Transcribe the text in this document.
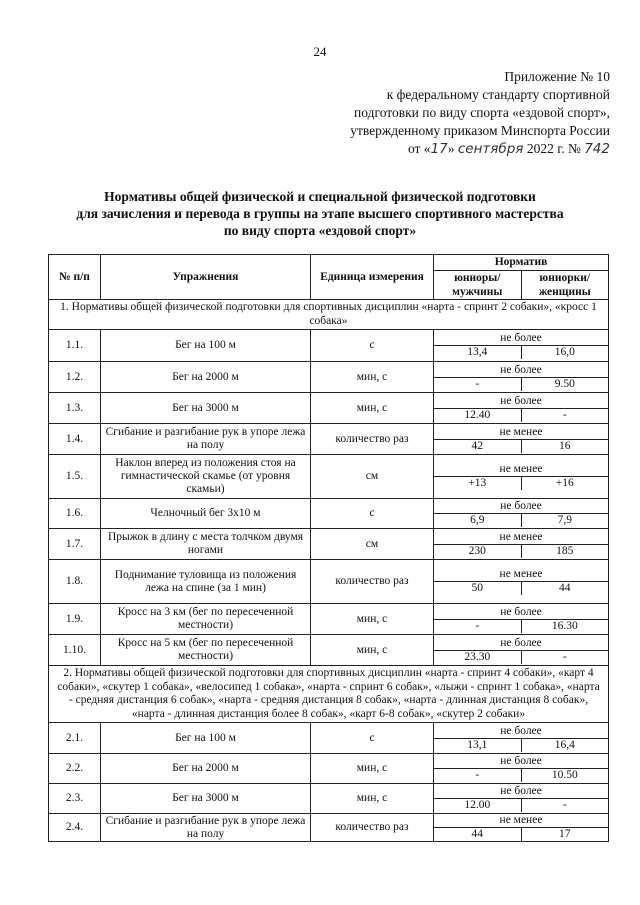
24
Приложение № 10
к федеральному стандарту спортивной
подготовки по виду спорта «ездовой спорт»,
утвержденному приказом Минспорта России
от «17» сентября 2022 г. № 742
Нормативы общей физической и специальной физической подготовки
для зачисления и перевода в группы на этапе высшего спортивного мастерства
по виду спорта «ездовой спорт»
№ п/п	Упражнения	Единица измерения	Норматив
юниоры/ мужчины
юниорки/ женщины

1. Нормативы общей физической подготовки для спортивных дисциплин «нарта - спринт 2 собаки», «кросс 1 собака»			
1.1.	Бег на 100 м	с	не более
13,4 16,0

1.2.	Бег на 2000 м	мин, с	не более
- 9.50

1.3.	Бег на 3000 м	мин, с	не более
12.40 -

1.4.	Сгибание и разгибание рук в упоре лежа на полу	количество раз	не менее
42 16

1.5.	Наклон вперед из положения стоя на гимнастической скамье (от уровня скамьи)	см	не менее
+13 +16

1.6.	Челночный бег 3х10 м	с	не более
6,9 7,9

1.7.	Прыжок в длину с места толчком двумя ногами	см	не менее
230 185

1.8.	Поднимание туловища из положения лежа на спине (за 1 мин)	количество раз	не менее
50 44

1.9.	Кросс на 3 км (бег по пересеченной местности)	мин, с	не более
- 16.30

1.10.	Кросс на 5 км (бег по пересеченной местности)	мин, с	не более
23.30 -

2. Нормативы общей физической подготовки для спортивных дисциплин «нарта - спринт 4 собаки», «карт 4 собаки», «скутер 1 собака», «велосипед 1 собака», «нарта - спринт 6 собак», «лыжи - спринт 1 собака», «нарта - средняя дистанция 6 собак», «нарта - средняя дистанция 8 собак», «нарта - длинная дистанция 8 собак», «нарта - длинная дистанция более 8 собак», «карт 6-8 собак», «скутер 2 собаки»			
2.1.	Бег на 100 м	с	не более
13,1 16,4

2.2.	Бег на 2000 м	мин, с	не более
- 10.50

2.3.	Бег на 3000 м	мин, с	не более
12.00 -

2.4.	Сгибание и разгибание рук в упоре лежа на полу	количество раз	не менее
44 17
